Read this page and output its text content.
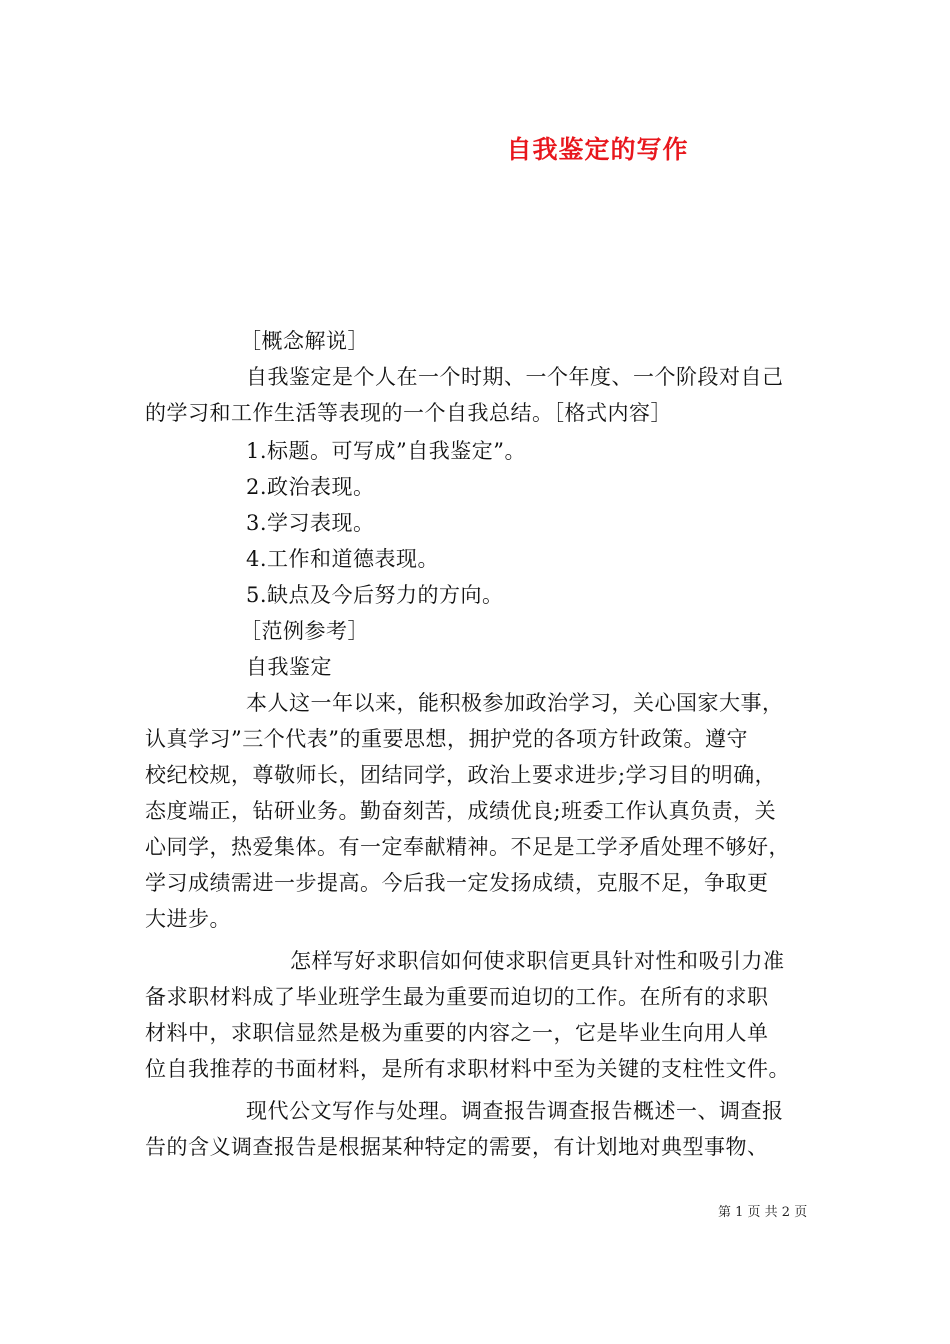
自我鉴定的写作
［概念解说］
自我鉴定是个人在一个时期、一个年度、一个阶段对自己
的学习和工作生活等表现的一个自我总结。［格式内容］
1.标题。可写成”自我鉴定”。
2.政治表现。
3.学习表现。
4.工作和道德表现。
5.缺点及今后努力的方向。
［范例参考］
自我鉴定
本人这一年以来，能积极参加政治学习，关心国家大事，
认真学习”三个代表”的重要思想，拥护党的各项方针政策。遵守
校纪校规，尊敬师长，团结同学，政治上要求进步;学习目的明确，
态度端正，钻研业务。勤奋刻苦，成绩优良;班委工作认真负责，关
心同学，热爱集体。有一定奉献精神。不足是工学矛盾处理不够好，
学习成绩需进一步提高。今后我一定发扬成绩，克服不足，争取更
大进步。
怎样写好求职信如何使求职信更具针对性和吸引力准
备求职材料成了毕业班学生最为重要而迫切的工作。在所有的求职
材料中，求职信显然是极为重要的内容之一，它是毕业生向用人单
位自我推荐的书面材料，是所有求职材料中至为关键的支柱性文件。
现代公文写作与处理。调查报告调查报告概述一、调查报
告的含义调查报告是根据某种特定的需要，有计划地对典型事物、
第 1 页 共 2 页
